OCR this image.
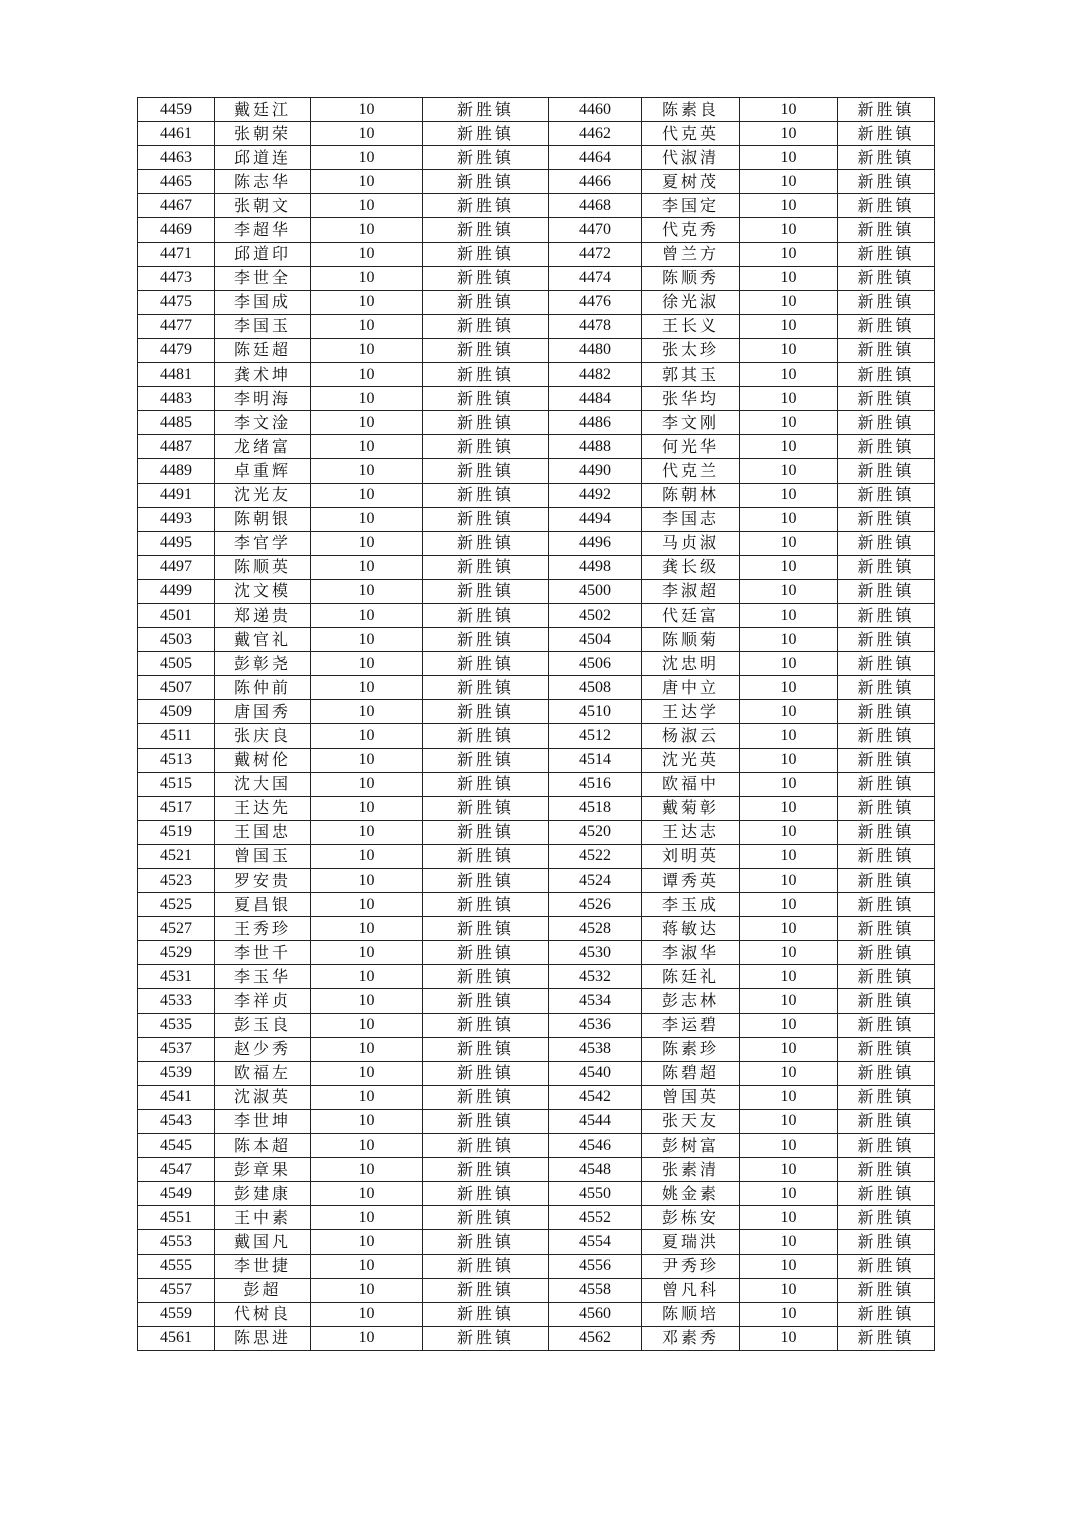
4459	戴廷江	10	新胜镇	4460	陈素良	10	新胜镇
4461	张朝荣	10	新胜镇	4462	代克英	10	新胜镇
4463	邱道连	10	新胜镇	4464	代淑清	10	新胜镇
4465	陈志华	10	新胜镇	4466	夏树茂	10	新胜镇
4467	张朝文	10	新胜镇	4468	李国定	10	新胜镇
4469	李超华	10	新胜镇	4470	代克秀	10	新胜镇
4471	邱道印	10	新胜镇	4472	曾兰方	10	新胜镇
4473	李世全	10	新胜镇	4474	陈顺秀	10	新胜镇
4475	李国成	10	新胜镇	4476	徐光淑	10	新胜镇
4477	李国玉	10	新胜镇	4478	王长义	10	新胜镇
4479	陈廷超	10	新胜镇	4480	张太珍	10	新胜镇
4481	龚术坤	10	新胜镇	4482	郭其玉	10	新胜镇
4483	李明海	10	新胜镇	4484	张华均	10	新胜镇
4485	李文淦	10	新胜镇	4486	李文刚	10	新胜镇
4487	龙绪富	10	新胜镇	4488	何光华	10	新胜镇
4489	卓重辉	10	新胜镇	4490	代克兰	10	新胜镇
4491	沈光友	10	新胜镇	4492	陈朝林	10	新胜镇
4493	陈朝银	10	新胜镇	4494	李国志	10	新胜镇
4495	李官学	10	新胜镇	4496	马贞淑	10	新胜镇
4497	陈顺英	10	新胜镇	4498	龚长级	10	新胜镇
4499	沈文模	10	新胜镇	4500	李淑超	10	新胜镇
4501	郑递贵	10	新胜镇	4502	代廷富	10	新胜镇
4503	戴官礼	10	新胜镇	4504	陈顺菊	10	新胜镇
4505	彭彰尧	10	新胜镇	4506	沈忠明	10	新胜镇
4507	陈仲前	10	新胜镇	4508	唐中立	10	新胜镇
4509	唐国秀	10	新胜镇	4510	王达学	10	新胜镇
4511	张庆良	10	新胜镇	4512	杨淑云	10	新胜镇
4513	戴树伦	10	新胜镇	4514	沈光英	10	新胜镇
4515	沈大国	10	新胜镇	4516	欧福中	10	新胜镇
4517	王达先	10	新胜镇	4518	戴菊彰	10	新胜镇
4519	王国忠	10	新胜镇	4520	王达志	10	新胜镇
4521	曾国玉	10	新胜镇	4522	刘明英	10	新胜镇
4523	罗安贵	10	新胜镇	4524	谭秀英	10	新胜镇
4525	夏昌银	10	新胜镇	4526	李玉成	10	新胜镇
4527	王秀珍	10	新胜镇	4528	蒋敏达	10	新胜镇
4529	李世千	10	新胜镇	4530	李淑华	10	新胜镇
4531	李玉华	10	新胜镇	4532	陈廷礼	10	新胜镇
4533	李祥贞	10	新胜镇	4534	彭志林	10	新胜镇
4535	彭玉良	10	新胜镇	4536	李运碧	10	新胜镇
4537	赵少秀	10	新胜镇	4538	陈素珍	10	新胜镇
4539	欧福左	10	新胜镇	4540	陈碧超	10	新胜镇
4541	沈淑英	10	新胜镇	4542	曾国英	10	新胜镇
4543	李世坤	10	新胜镇	4544	张天友	10	新胜镇
4545	陈本超	10	新胜镇	4546	彭树富	10	新胜镇
4547	彭章果	10	新胜镇	4548	张素清	10	新胜镇
4549	彭建康	10	新胜镇	4550	姚金素	10	新胜镇
4551	王中素	10	新胜镇	4552	彭栋安	10	新胜镇
4553	戴国凡	10	新胜镇	4554	夏瑞洪	10	新胜镇
4555	李世捷	10	新胜镇	4556	尹秀珍	10	新胜镇
4557	彭超	10	新胜镇	4558	曾凡科	10	新胜镇
4559	代树良	10	新胜镇	4560	陈顺培	10	新胜镇
4561	陈思进	10	新胜镇	4562	邓素秀	10	新胜镇
